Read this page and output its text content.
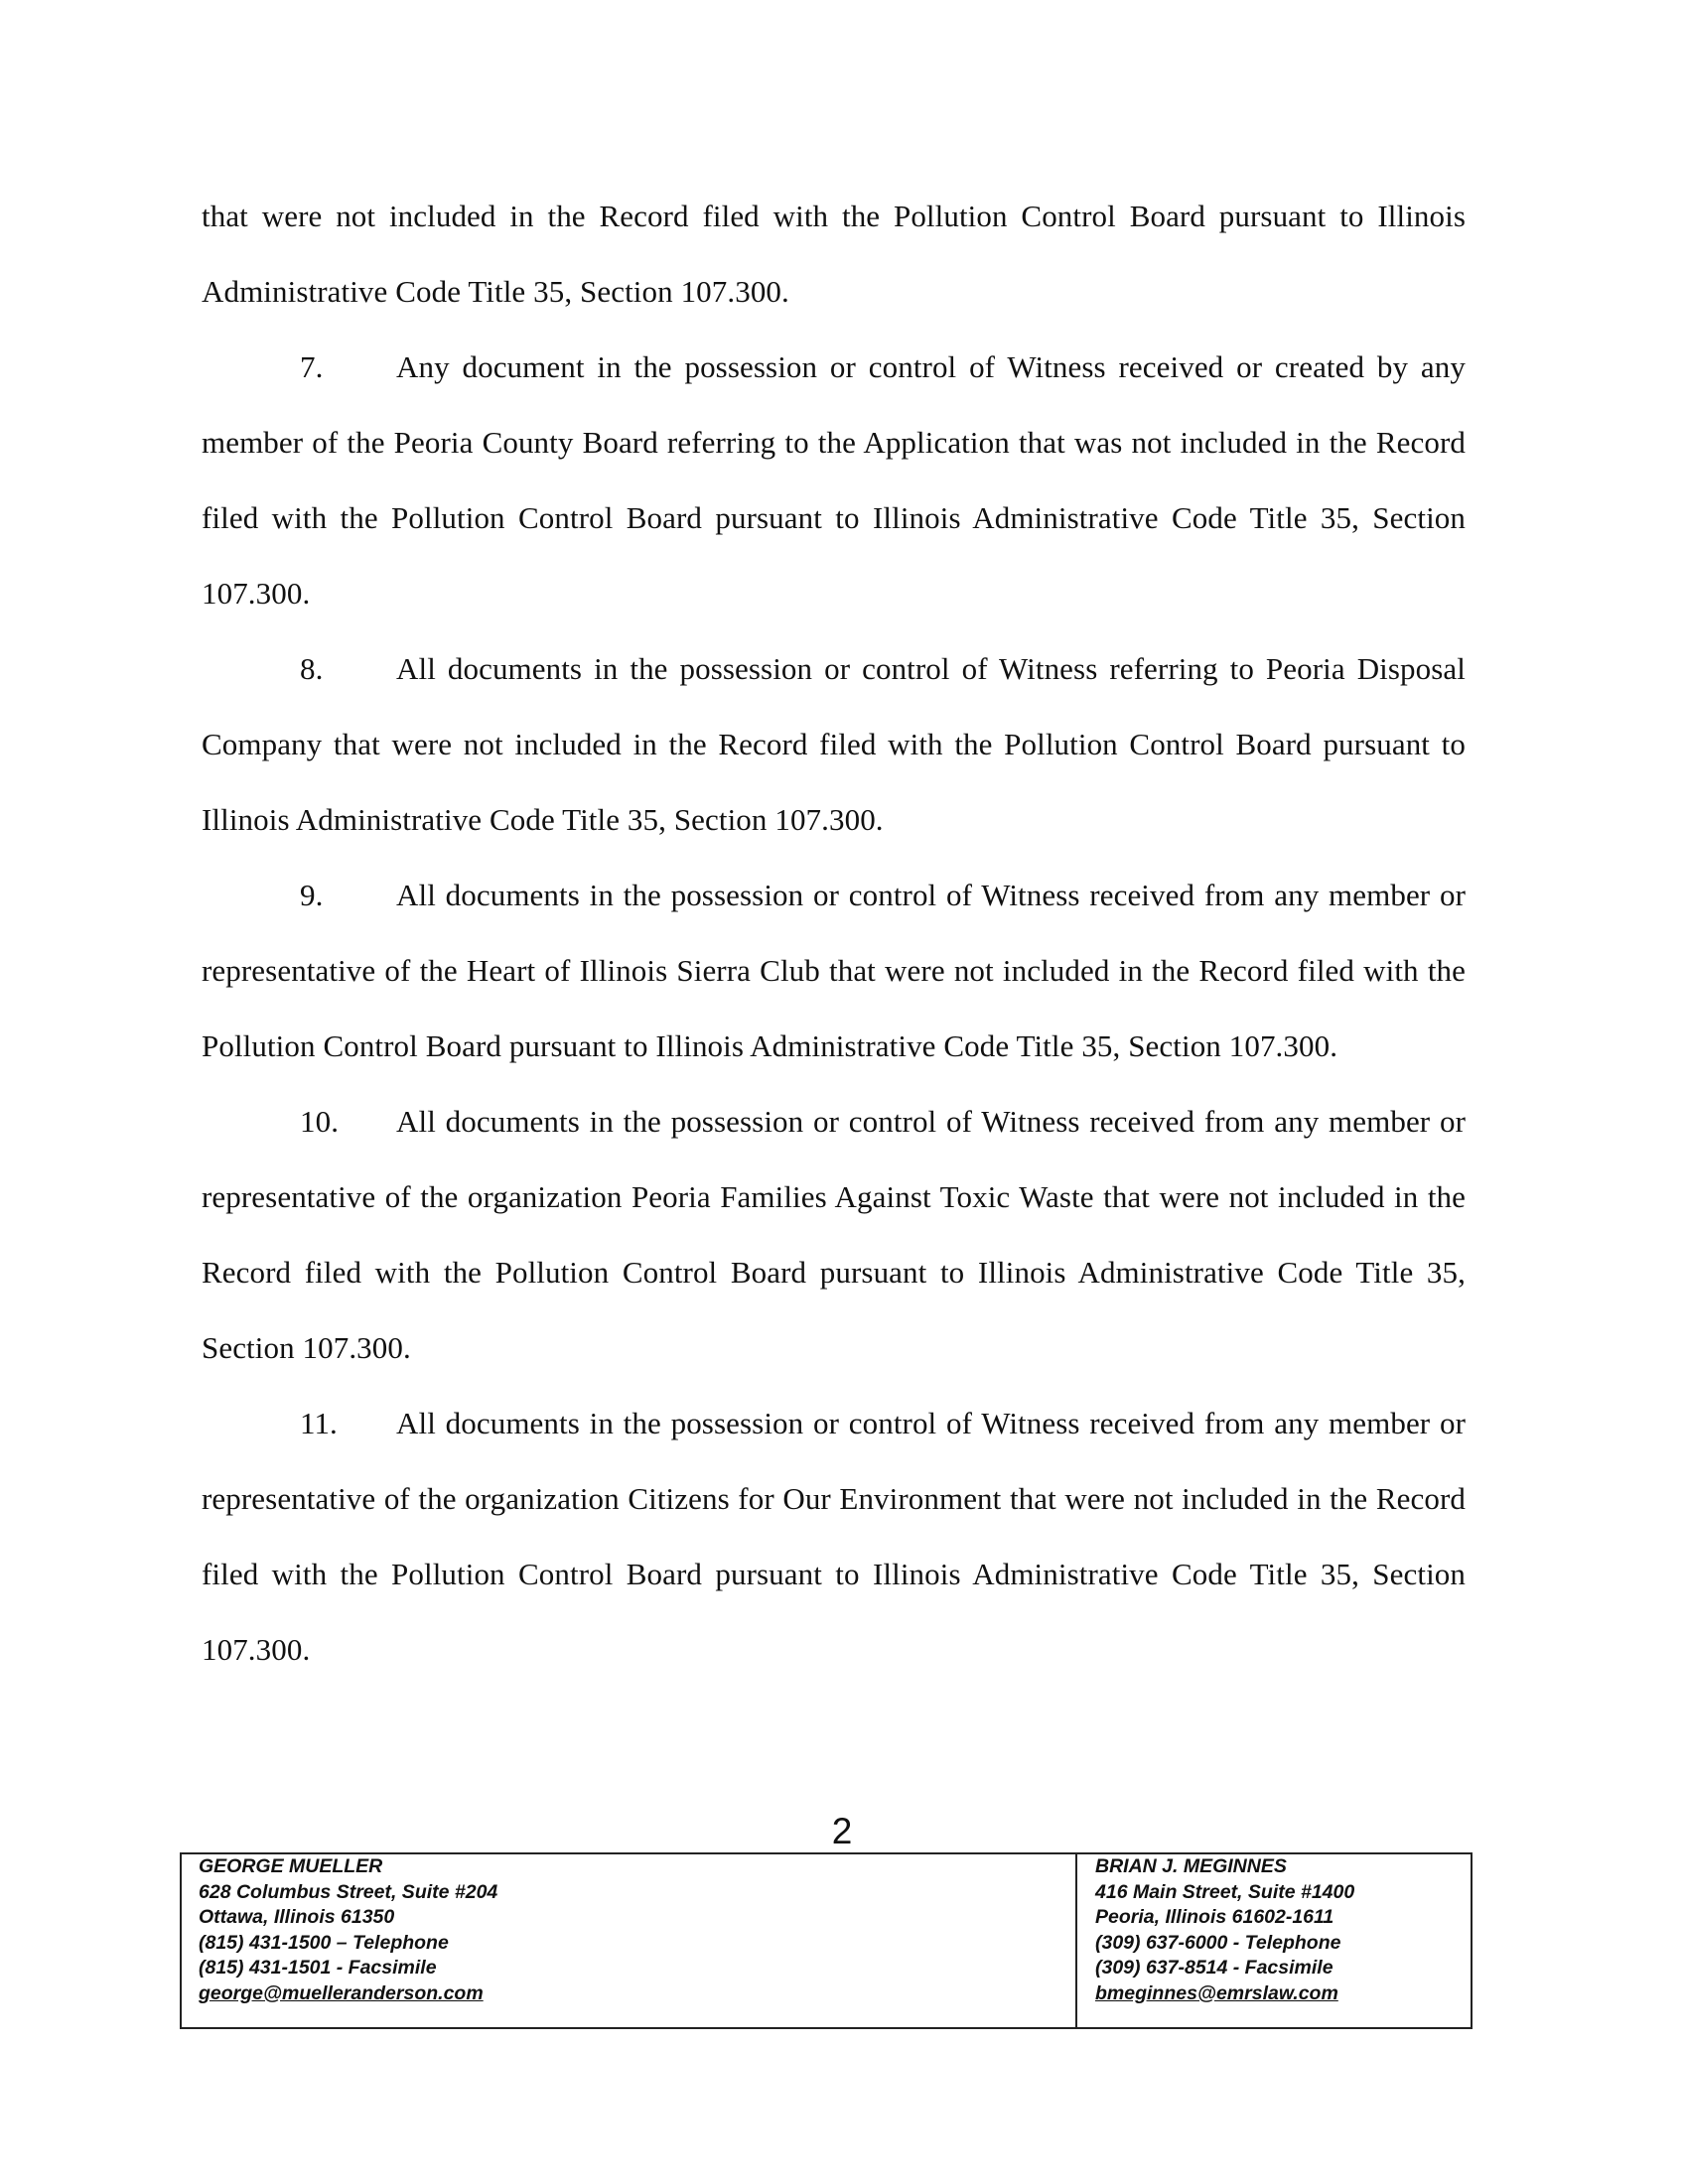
that were not included in the Record filed with the Pollution Control Board pursuant to Illinois Administrative Code Title 35, Section 107.300.

7. Any document in the possession or control of Witness received or created by any member of the Peoria County Board referring to the Application that was not included in the Record filed with the Pollution Control Board pursuant to Illinois Administrative Code Title 35, Section 107.300.

8. All documents in the possession or control of Witness referring to Peoria Disposal Company that were not included in the Record filed with the Pollution Control Board pursuant to Illinois Administrative Code Title 35, Section 107.300.

9. All documents in the possession or control of Witness received from any member or representative of the Heart of Illinois Sierra Club that were not included in the Record filed with the Pollution Control Board pursuant to Illinois Administrative Code Title 35, Section 107.300.

10. All documents in the possession or control of Witness received from any member or representative of the organization Peoria Families Against Toxic Waste that were not included in the Record filed with the Pollution Control Board pursuant to Illinois Administrative Code Title 35, Section 107.300.

11. All documents in the possession or control of Witness received from any member or representative of the organization Citizens for Our Environment that were not included in the Record filed with the Pollution Control Board pursuant to Illinois Administrative Code Title 35, Section 107.300.

2
GEORGE MUELLER
628 Columbus Street, Suite #204
Ottawa, Illinois 61350
(815) 431-1500 – Telephone
(815) 431-1501 - Facsimile
george@muelleranderson.com
BRIAN J. MEGINNES
416 Main Street, Suite #1400
Peoria, Illinois 61602-1611
(309) 637-6000 - Telephone
(309) 637-8514 - Facsimile
bmeginnes@emrslaw.com
